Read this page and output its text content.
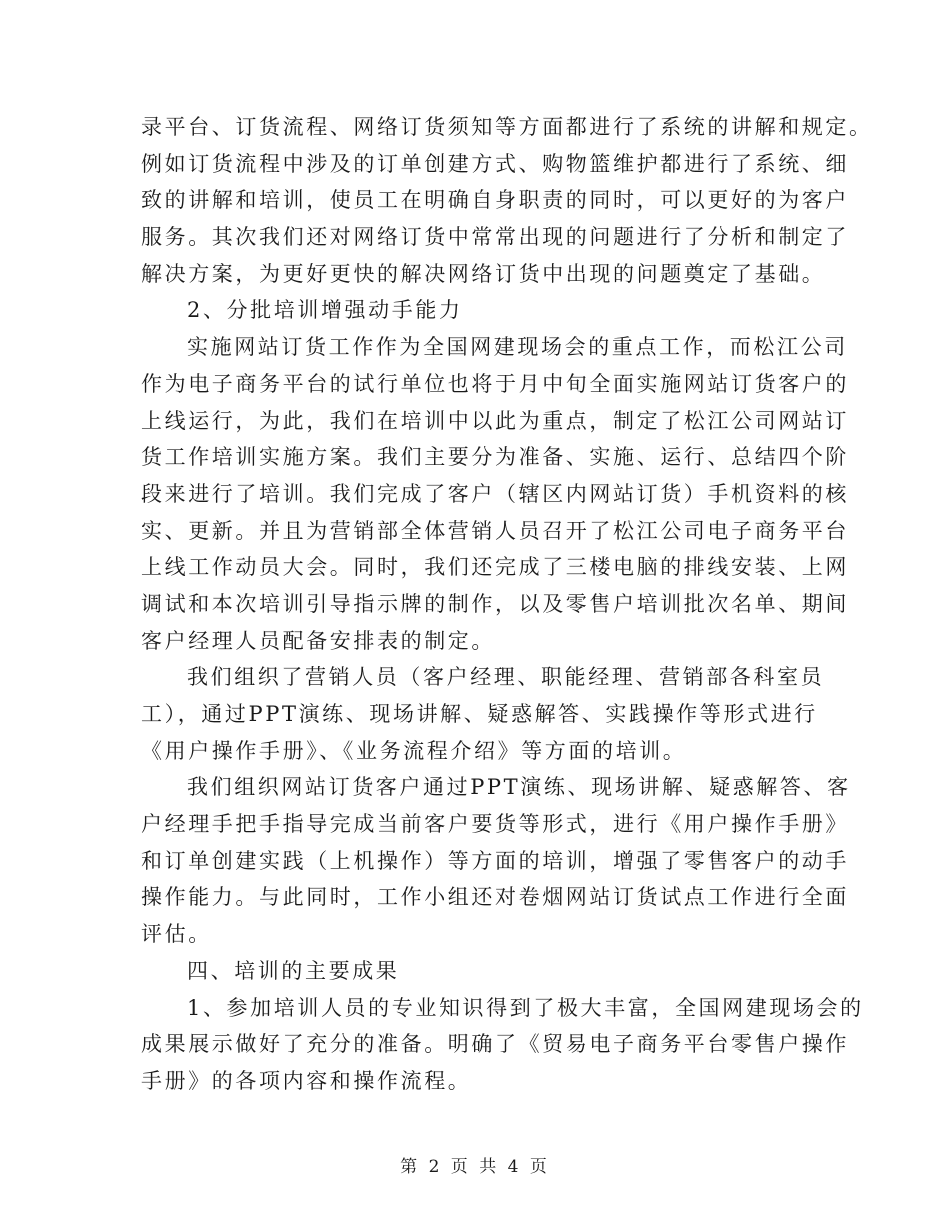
录平台、订货流程、网络订货须知等方面都进行了系统的讲解和规定。
例如订货流程中涉及的订单创建方式、购物篮维护都进行了系统、细
致的讲解和培训，使员工在明确自身职责的同时，可以更好的为客户
服务。其次我们还对网络订货中常常出现的问题进行了分析和制定了
解决方案，为更好更快的解决网络订货中出现的问题奠定了基础。
2、分批培训增强动手能力
实施网站订货工作作为全国网建现场会的重点工作，而松江公司
作为电子商务平台的试行单位也将于月中旬全面实施网站订货客户的
上线运行，为此，我们在培训中以此为重点，制定了松江公司网站订
货工作培训实施方案。我们主要分为准备、实施、运行、总结四个阶
段来进行了培训。我们完成了客户（辖区内网站订货）手机资料的核
实、更新。并且为营销部全体营销人员召开了松江公司电子商务平台
上线工作动员大会。同时，我们还完成了三楼电脑的排线安装、上网
调试和本次培训引导指示牌的制作，以及零售户培训批次名单、期间
客户经理人员配备安排表的制定。
我们组织了营销人员（客户经理、职能经理、营销部各科室员
工），通过PPT演练、现场讲解、疑惑解答、实践操作等形式进行
《用户操作手册》、《业务流程介绍》等方面的培训。
我们组织网站订货客户通过PPT演练、现场讲解、疑惑解答、客
户经理手把手指导完成当前客户要货等形式，进行《用户操作手册》
和订单创建实践（上机操作）等方面的培训，增强了零售客户的动手
操作能力。与此同时，工作小组还对卷烟网站订货试点工作进行全面
评估。
四、培训的主要成果
1、参加培训人员的专业知识得到了极大丰富，全国网建现场会的
成果展示做好了充分的准备。明确了《贸易电子商务平台零售户操作
手册》的各项内容和操作流程。
第 2 页 共 4 页
